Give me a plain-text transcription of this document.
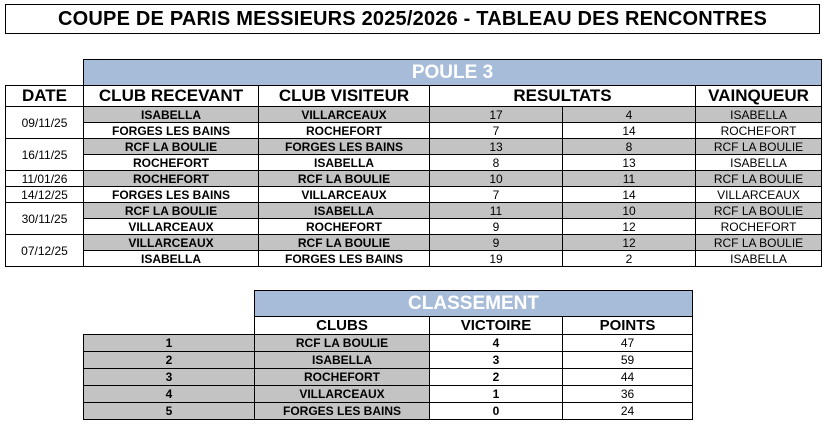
COUPE DE PARIS MESSIEURS 2025/2026 - TABLEAU DES RENCONTRES
	POULE 3				
DATE	CLUB RECEVANT	CLUB VISITEUR	RESULTATS		VAINQUEUR
09/11/25	ISABELLA	VILLARCEAUX	17	4	ISABELLA
	FORGES LES BAINS	ROCHEFORT	7	14	ROCHEFORT
16/11/25	RCF LA BOULIE	FORGES LES BAINS	13	8	RCF LA BOULIE
	ROCHEFORT	ISABELLA	8	13	ISABELLA
11/01/26	ROCHEFORT	RCF LA BOULIE	10	11	RCF LA BOULIE
14/12/25	FORGES LES BAINS	VILLARCEAUX	7	14	VILLARCEAUX
30/11/25	RCF LA BOULIE	ISABELLA	11	10	RCF LA BOULIE
	VILLARCEAUX	ROCHEFORT	9	12	ROCHEFORT
07/12/25	VILLARCEAUX	RCF LA BOULIE	9	12	RCF LA BOULIE
	ISABELLA	FORGES LES BAINS	19	2	ISABELLA
	CLASSEMENT		
	CLUBS	VICTOIRE	POINTS
1	RCF LA BOULIE	4	47
2	ISABELLA	3	59
3	ROCHEFORT	2	44
4	VILLARCEAUX	1	36
5	FORGES LES BAINS	0	24
